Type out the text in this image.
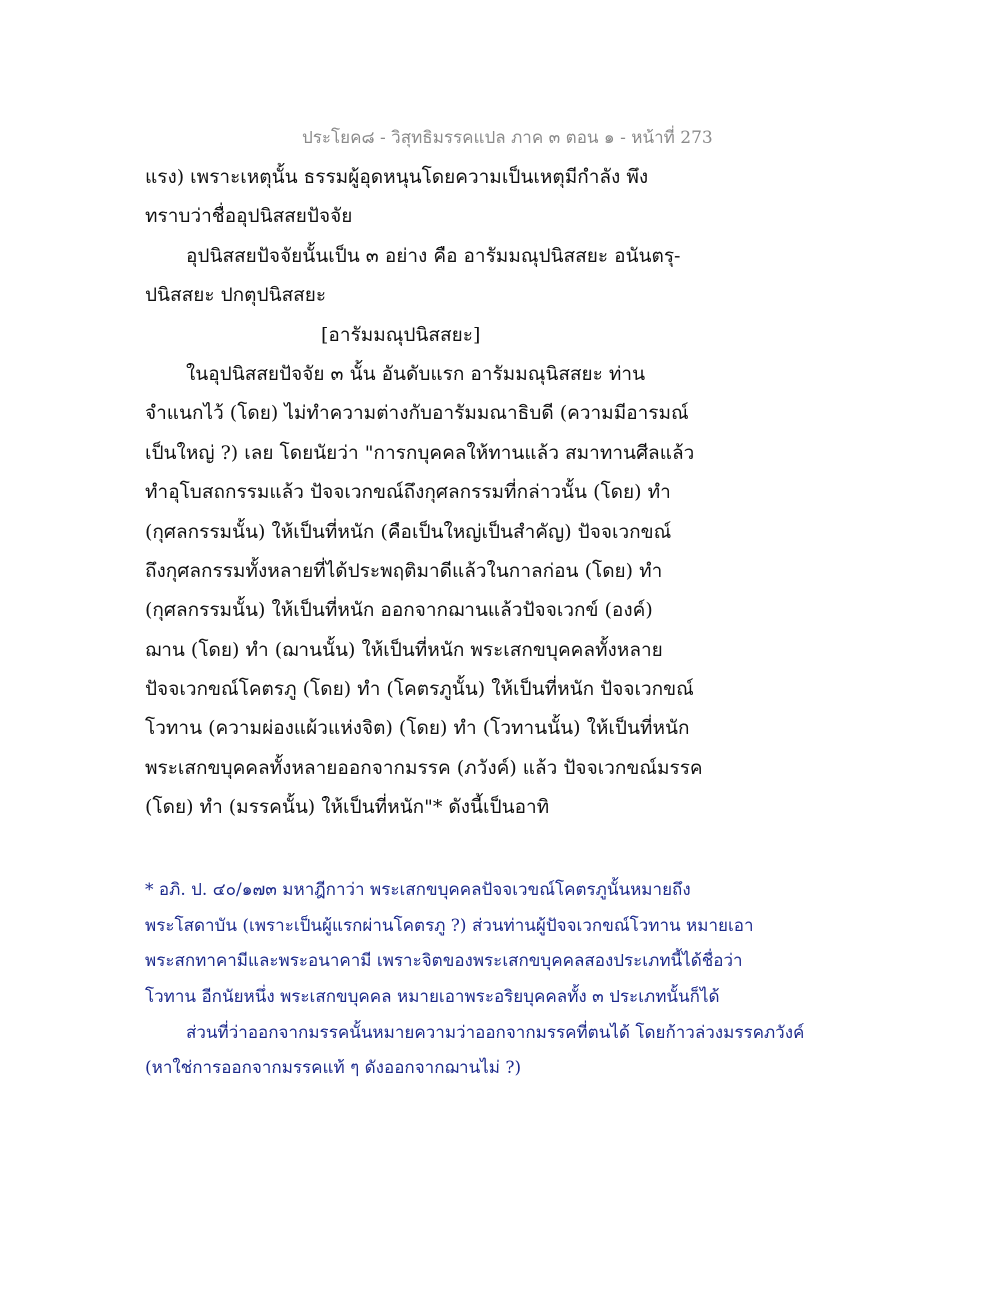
ประโยค๘ - วิสุทธิมรรคแปล ภาค ๓ ตอน ๑ - หน้าที่ 273
แรง) เพราะเหตุนั้น ธรรมผู้อุดหนุนโดยความเป็นเหตุมีกำลัง พึง
ทราบว่าชื่ออุปนิสสยปัจจัย
อุปนิสสยปัจจัยนั้นเป็น ๓ อย่าง คือ อารัมมณุปนิสสยะ อนันตรุ-
ปนิสสยะ ปกตุปนิสสยะ
[อารัมมณุปนิสสยะ]
ในอุปนิสสยปัจจัย ๓ นั้น อันดับแรก อารัมมณุนิสสยะ ท่าน
จำแนกไว้ (โดย) ไม่ทำความต่างกับอารัมมณาธิบดี (ความมีอารมณ์
เป็นใหญ่ ?) เลย โดยนัยว่า "การกบุคคลให้ทานแล้ว สมาทานศีลแล้ว
ทำอุโบสถกรรมแล้ว ปัจจเวกขณ์ถึงกุศลกรรมที่กล่าวนั้น (โดย) ทำ
(กุศลกรรมนั้น) ให้เป็นที่หนัก (คือเป็นใหญ่เป็นสำคัญ) ปัจจเวกขณ์
ถึงกุศลกรรมทั้งหลายที่ได้ประพฤติมาดีแล้วในกาลก่อน (โดย) ทำ
(กุศลกรรมนั้น) ให้เป็นที่หนัก ออกจากฌานแล้วปัจจเวกข์ (องค์)
ฌาน (โดย) ทำ (ฌานนั้น) ให้เป็นที่หนัก พระเสกขบุคคลทั้งหลาย
ปัจจเวกขณ์โคตรภู (โดย) ทำ (โคตรภูนั้น) ให้เป็นที่หนัก ปัจจเวกขณ์
โวทาน (ความผ่องแผ้วแห่งจิต) (โดย) ทำ (โวทานนั้น) ให้เป็นที่หนัก
พระเสกขบุคคลทั้งหลายออกจากมรรค (ภวังค์) แล้ว ปัจจเวกขณ์มรรค
(โดย) ทำ (มรรคนั้น) ให้เป็นที่หนัก"* ดังนี้เป็นอาทิ
* อภิ. ป. ๔๐/๑๗๓ มหาฎีกาว่า พระเสกขบุคคลปัจจเวขณ์โคตรภูนั้นหมายถึง
พระโสดาบัน (เพราะเป็นผู้แรกผ่านโคตรภู ?) ส่วนท่านผู้ปัจจเวกขณ์โวทาน หมายเอา
พระสกทาคามีและพระอนาคามี เพราะจิตของพระเสกขบุคคลสองประเภทนี้ได้ชื่อว่า
โวทาน อีกนัยหนึ่ง พระเสกขบุคคล หมายเอาพระอริยบุคคลทั้ง ๓ ประเภทนั้นก็ได้
ส่วนที่ว่าออกจากมรรคนั้นหมายความว่าออกจากมรรคที่ตนได้ โดยก้าวล่วงมรรคภวังค์
(หาใช่การออกจากมรรคแท้ ๆ ดังออกจากฌานไม่ ?)
